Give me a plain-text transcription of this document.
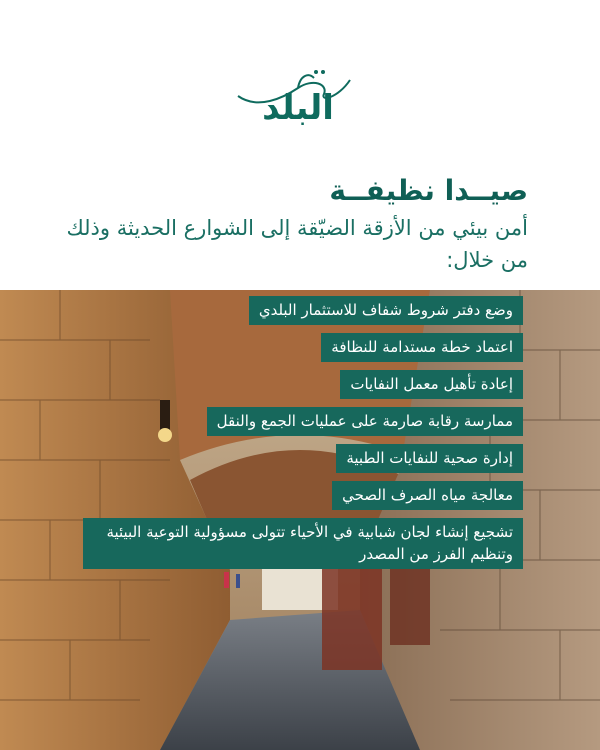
البلد
صيــدا نظيفــة
أمن بيئي من الأزقة الضيّقة إلى الشوارع الحديثة وذلك من خلال:
وضع دفتر شروط شفاف للاستثمار البلدي
اعتماد خطة مستدامة للنظافة
إعادة تأهيل معمل النفايات
ممارسة رقابة صارمة على عمليات الجمع والنقل
إدارة صحية للنفايات الطبية
معالجة مياه الصرف الصحي
تشجيع إنشاء لجان شبابية في الأحياء تتولى مسؤولية التوعية البيئية وتنظيم الفرز من المصدر
